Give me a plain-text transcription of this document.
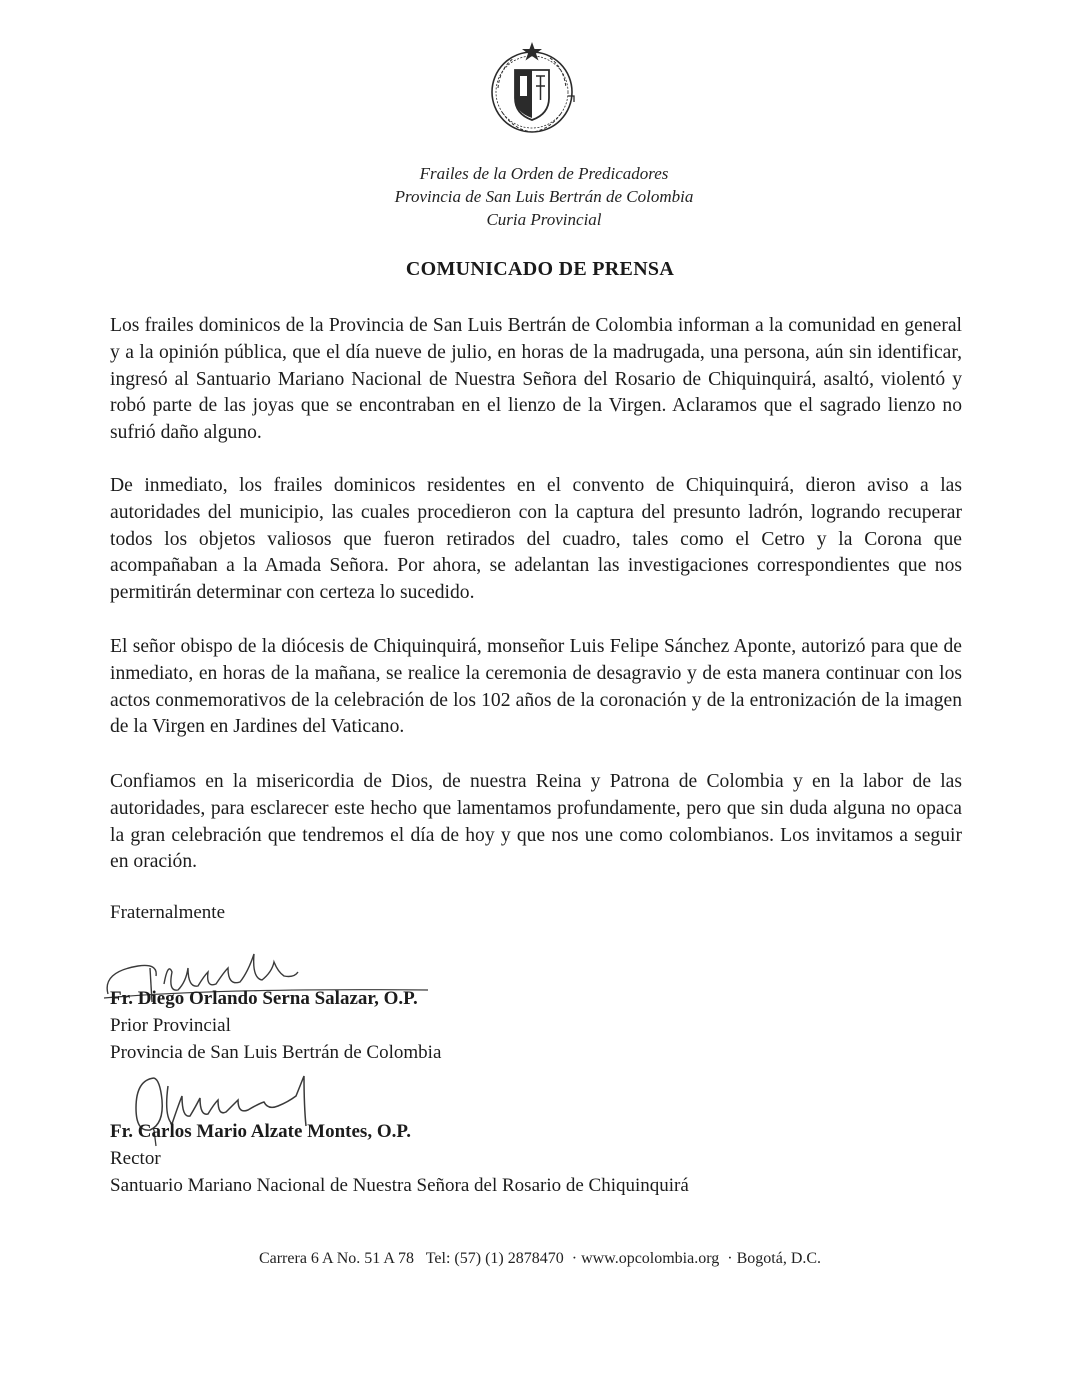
Frailes de la Orden de Predicadores
Provincia de San Luis Bertrán de Colombia
Curia Provincial
COMUNICADO DE PRENSA
Los frailes dominicos de la Provincia de San Luis Bertrán de Colombia informan a la comunidad en general y a la opinión pública, que el día nueve de julio, en horas de la madrugada, una persona, aún sin identificar, ingresó al Santuario Mariano Nacional de Nuestra Señora del Rosario de Chiquinquirá, asaltó, violentó y robó parte de las joyas que se encontraban en el lienzo de la Virgen. Aclaramos que el sagrado lienzo no sufrió daño alguno.
De inmediato, los frailes dominicos residentes en el convento de Chiquinquirá, dieron aviso a las autoridades del municipio, las cuales procedieron con la captura del presunto ladrón, logrando recuperar todos los objetos valiosos que fueron retirados del cuadro, tales como el Cetro y la Corona que acompañaban a la Amada Señora. Por ahora, se adelantan las investigaciones correspondientes que nos permitirán determinar con certeza lo sucedido.
El señor obispo de la diócesis de Chiquinquirá, monseñor Luis Felipe Sánchez Aponte, autorizó para que de inmediato, en horas de la mañana, se realice la ceremonia de desagravio y de esta manera continuar con los actos conmemorativos de la celebración de los 102 años de la coronación y de la entronización de la imagen de la Virgen en Jardines del Vaticano.
Confiamos en la misericordia de Dios, de nuestra Reina y Patrona de Colombia y en la labor de las autoridades, para esclarecer este hecho que lamentamos profundamente, pero que sin duda alguna no opaca la gran celebración que tendremos el día de hoy y que nos une como colombianos. Los invitamos a seguir en oración.
Fraternalmente
Fr. Diego Orlando Serna Salazar, O.P.
Prior Provincial
Provincia de San Luis Bertrán de Colombia
Fr. Carlos Mario Alzate Montes, O.P.
Rector
Santuario Mariano Nacional de Nuestra Señora del Rosario de Chiquinquirá
Carrera 6 A No. 51 A 78 Tel: (57) (1) 2878470 · www.opcolombia.org · Bogotá, D.C.
